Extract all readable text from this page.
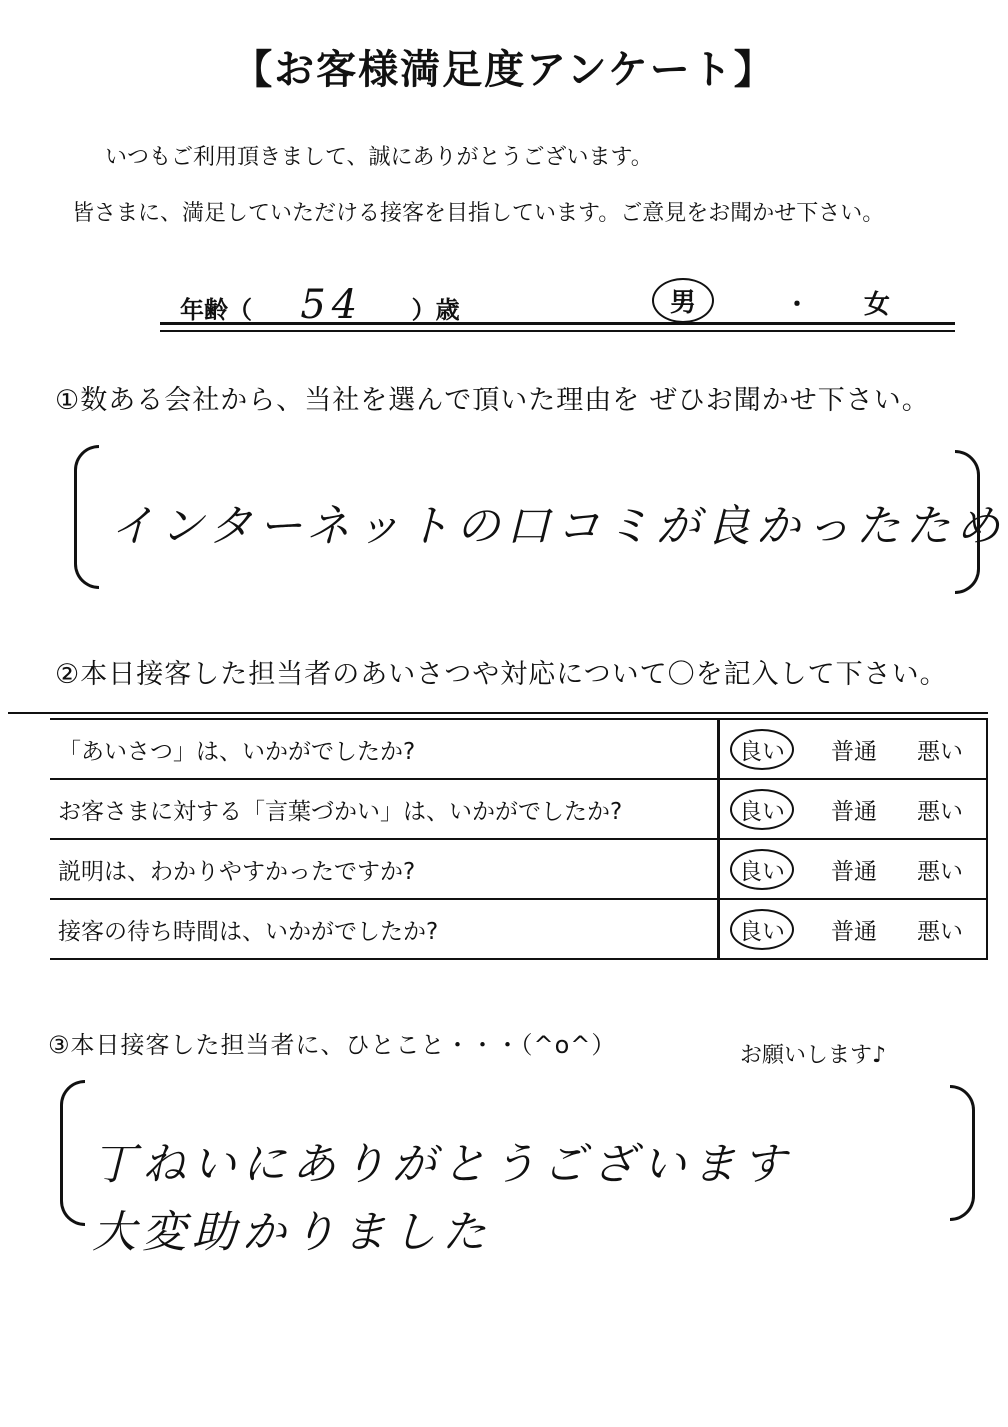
【お客様満足度アンケート】
いつもご利用頂きまして、誠にありがとうございます。
皆さまに、満足していただける接客を目指しています。ご意見をお聞かせ下さい。
年齢（ 54 ）歳	男	・ 女
①数ある会社から、当社を選んで頂いた理由を ぜひお聞かせ下さい。
インターネットの口コミが良かったため
②本日接客した担当者のあいさつや対応について〇を記入して下さい。
「あいさつ」は、いかがでしたか?	良い 普通 悪い
お客さまに対する「言葉づかい」は、いかがでしたか?	良い 普通 悪い
説明は、わかりやすかったですか?	良い 普通 悪い
接客の待ち時間は、いかがでしたか?	良い 普通 悪い
③本日接客した担当者に、ひとこと・・・（^o^）	お願いします♪
丁ねいにありがとうございます
大変助かりました
